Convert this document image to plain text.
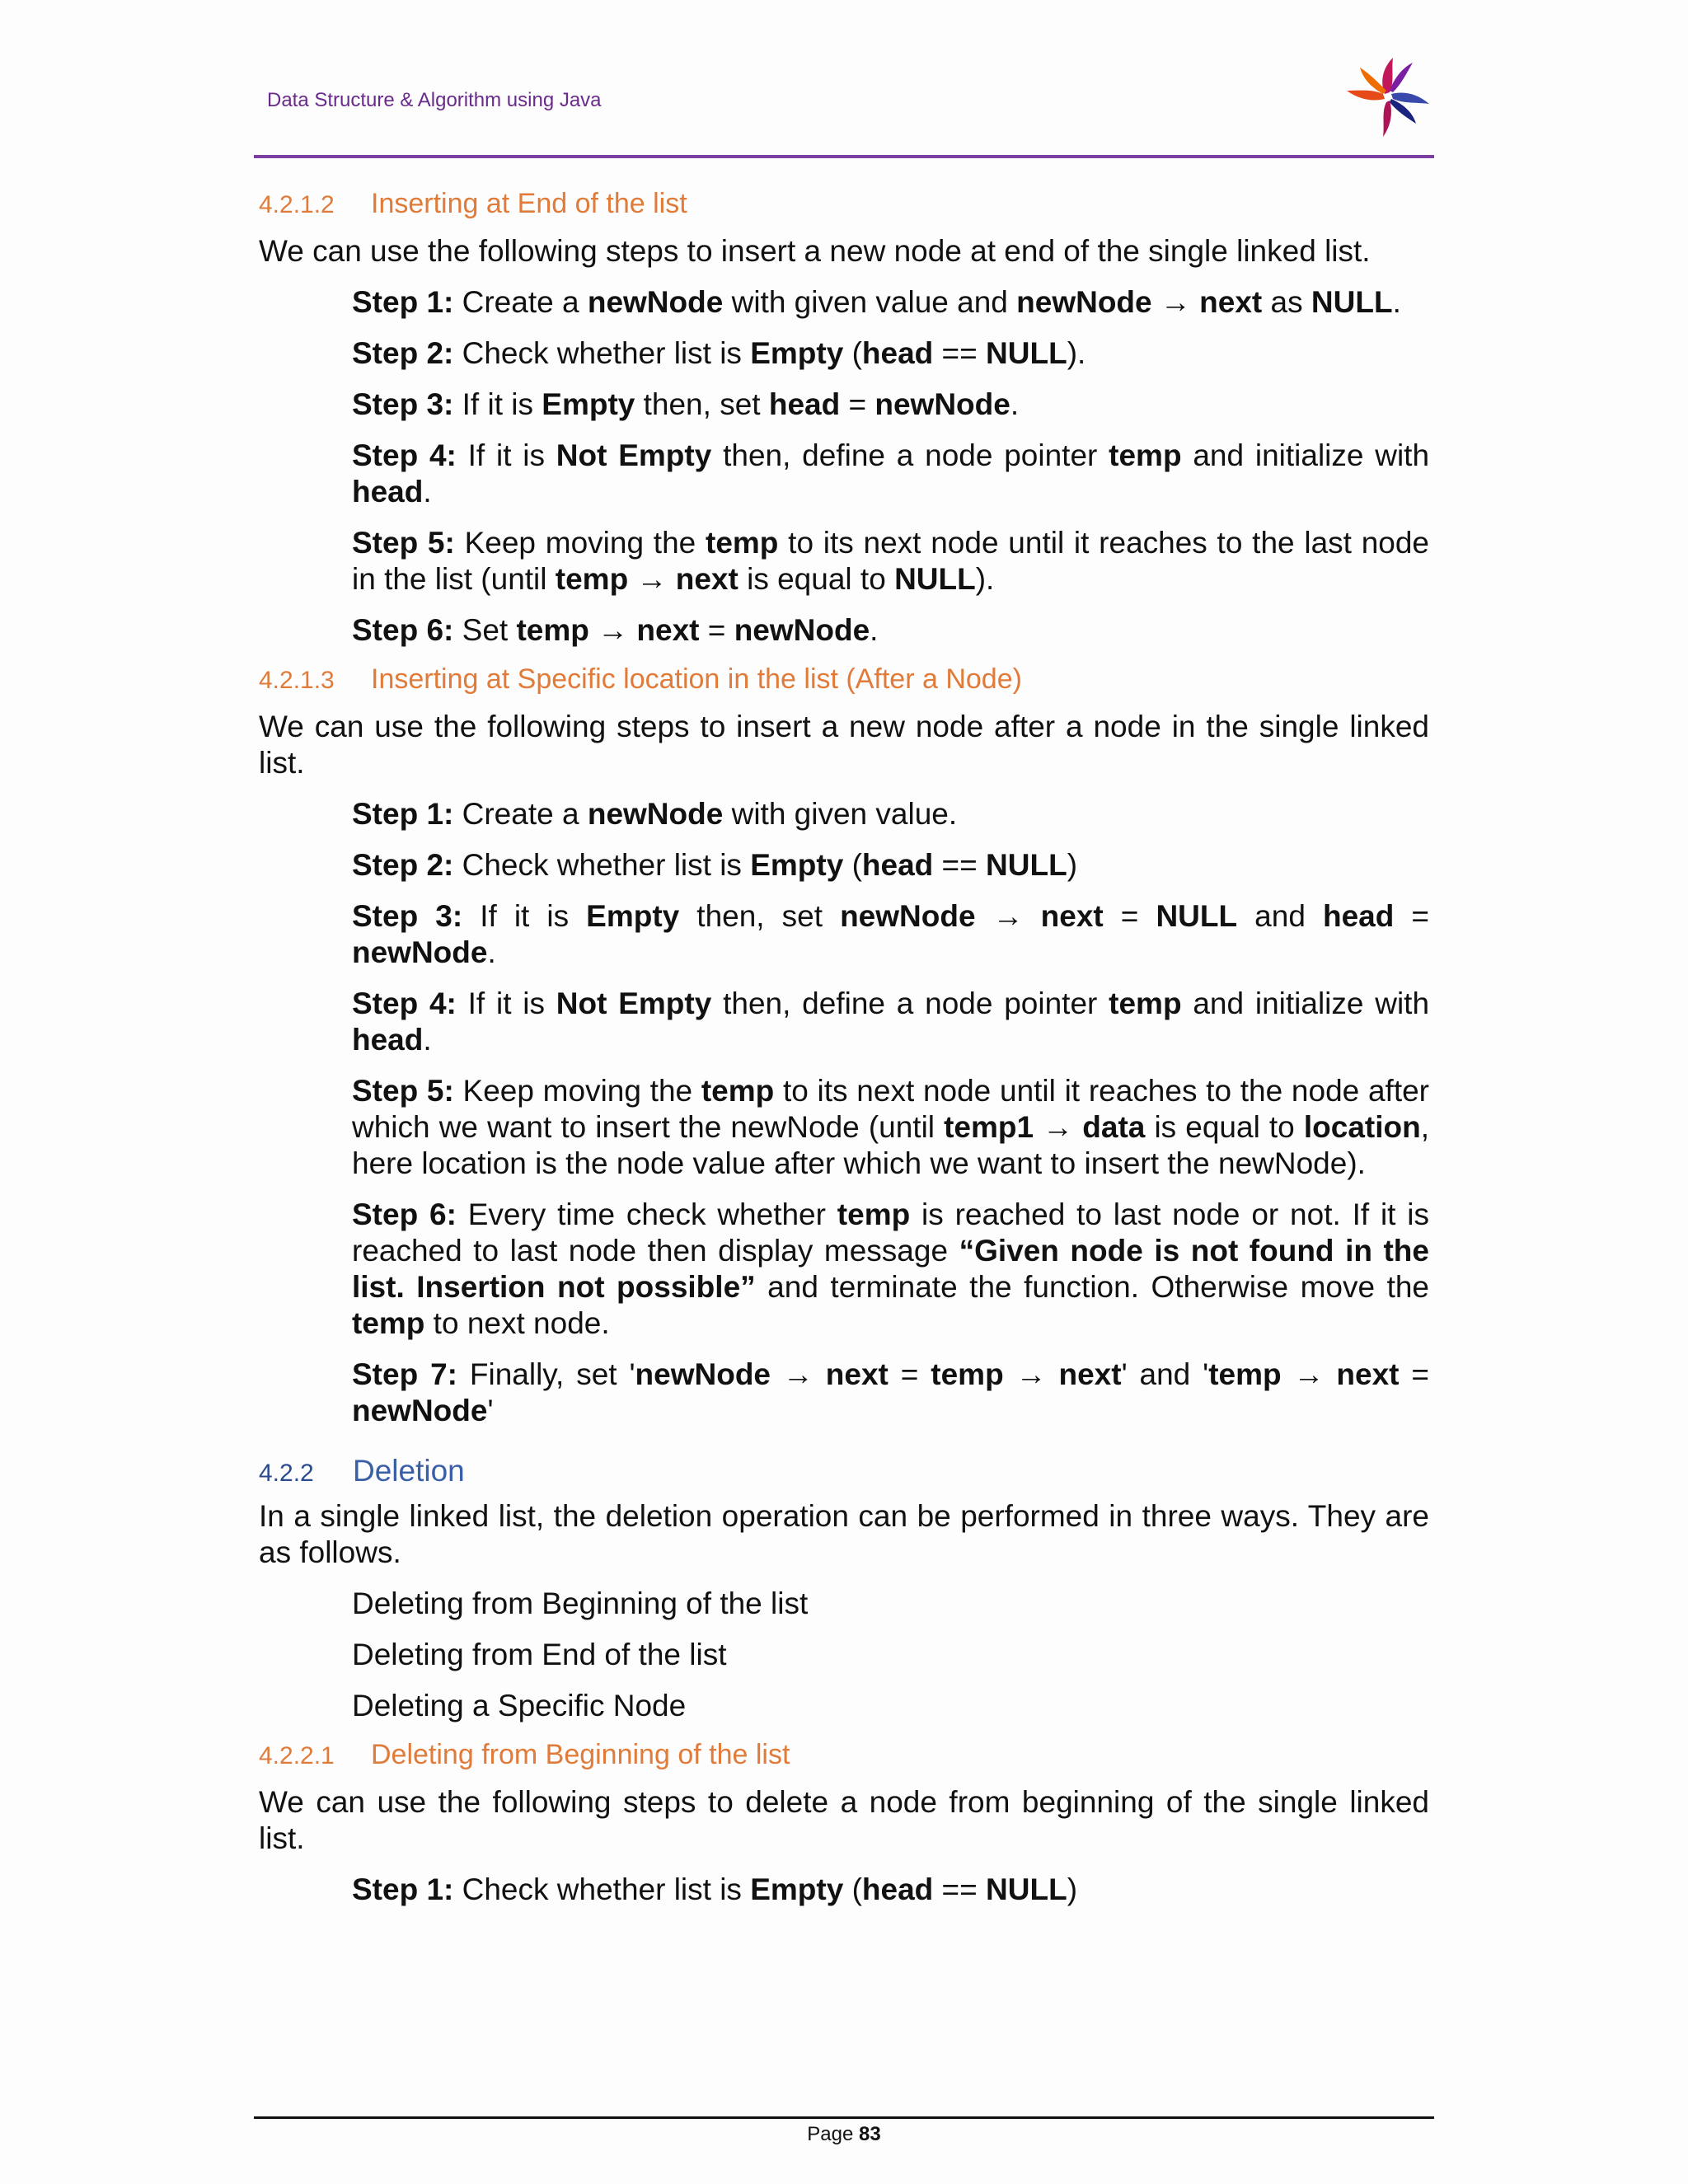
Data Structure & Algorithm using Java
4.2.1.2	Inserting at End of the list

We can use the following steps to insert a new node at end of the single linked list.

Step 1: Create a newNode with given value and newNode → next as NULL.

Step 2: Check whether list is Empty (head == NULL).

Step 3: If it is Empty then, set head = newNode.

Step 4: If it is Not Empty then, define a node pointer temp and initialize with head.

Step 5: Keep moving the temp to its next node until it reaches to the last node in the list (until temp → next is equal to NULL).

Step 6: Set temp → next = newNode.

4.2.1.3	Inserting at Specific location in the list (After a Node)

We can use the following steps to insert a new node after a node in the single linked list.

Step 1: Create a newNode with given value.

Step 2: Check whether list is Empty (head == NULL)

Step 3: If it is Empty then, set newNode → next = NULL and head = newNode.

Step 4: If it is Not Empty then, define a node pointer temp and initialize with head.

Step 5: Keep moving the temp to its next node until it reaches to the node after which we want to insert the newNode (until temp1 → data is equal to location, here location is the node value after which we want to insert the newNode).

Step 6: Every time check whether temp is reached to last node or not. If it is reached to last node then display message “Given node is not found in the list. Insertion not possible” and terminate the function. Otherwise move the temp to next node.

Step 7: Finally, set 'newNode → next = temp → next' and 'temp → next = newNode'

4.2.2	Deletion

In a single linked list, the deletion operation can be performed in three ways. They are as follows.

Deleting from Beginning of the list

Deleting from End of the list

Deleting a Specific Node

4.2.2.1	Deleting from Beginning of the list

We can use the following steps to delete a node from beginning of the single linked list.

Step 1: Check whether list is Empty (head == NULL)

Page 83
